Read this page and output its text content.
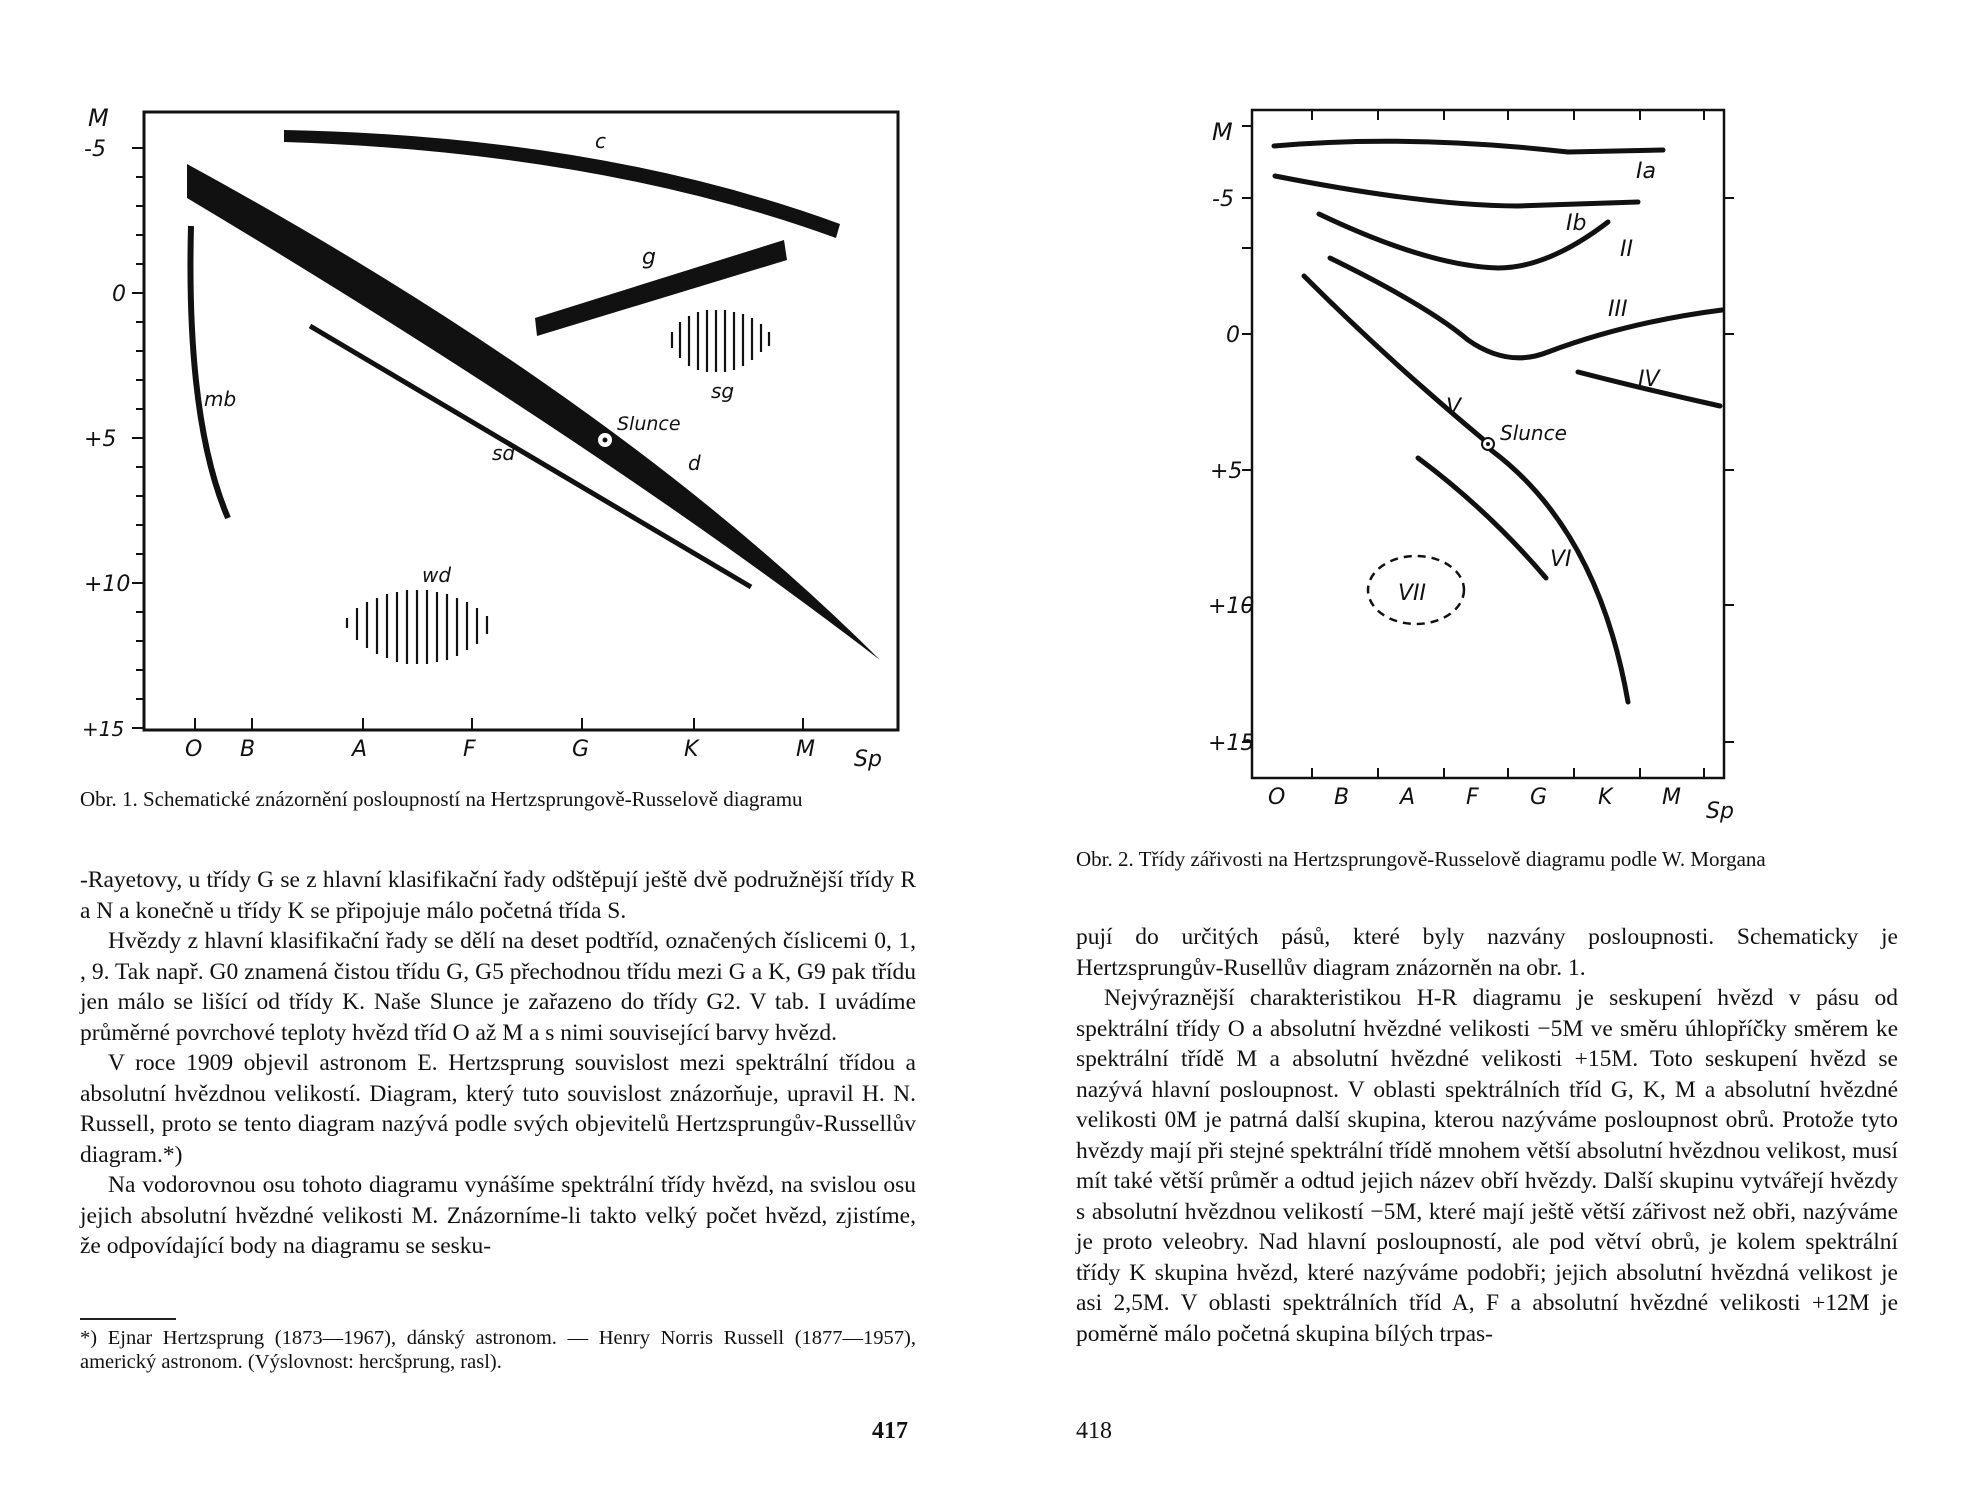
M
-5
0
+5
+10
+15
O B	A	F	G	K	M Sp
c
g
sg
mb
Slunce
sd	d
wd
Obr. 1. Schematické znázornění posloupností na Hertzsprungově-Russelově diagramu

-Rayetovy, u třídy G se z hlavní klasifikační řady odštěpují ještě dvě podružnější třídy R a N a konečně u třídy K se připojuje málo početná třída S.

Hvězdy z hlavní klasifikační řady se dělí na deset podtříd, označených číslicemi 0, 1, , 9. Tak např. G0 znamená čistou třídu G, G5 přechodnou třídu mezi G a K, G9 pak třídu jen málo se lišící od třídy K. Naše Slunce je zařazeno do třídy G2. V tab. I uvádíme průměrné povrchové teploty hvězd tříd O až M a s nimi související barvy hvězd.

V roce 1909 objevil astronom E. Hertzsprung souvislost mezi spektrální třídou a absolutní hvězdnou velikostí. Diagram, který tuto souvislost znázorňuje, upravil H. N. Russell, proto se tento diagram nazývá podle svých objevitelů Hertzsprungův-Russellův diagram.*)

Na vodorovnou osu tohoto diagramu vynášíme spektrální třídy hvězd, na svislou osu jejich absolutní hvězdné velikosti M. Znázorníme-li takto velký počet hvězd, zjistíme, že odpovídající body na diagramu se sesku-

*) Ejnar Hertzsprung (1873—1967), dánský astronom. — Henry Norris Russell (1877—1957), americký astronom. (Výslovnost: hercšprung, rasl).
417
M
-5
0
+5
+10
+15
O B A F G K M
Sp
Ia
Ib
II
III
IV
V
Slunce
VI
VII
Obr. 2. Třídy zářivosti na Hertzsprungově-Russelově diagramu podle W. Morgana

pují do určitých pásů, které byly nazvány posloupnosti. Schematicky je Hertzsprungův-Rusellův diagram znázorněn na obr. 1.

Nejvýraznější charakteristikou H-R diagramu je seskupení hvězd v pásu od spektrální třídy O a absolutní hvězdné velikosti −5M ve směru úhlopříčky směrem ke spektrální třídě M a absolutní hvězdné velikosti +15M. Toto seskupení hvězd se nazývá hlavní posloupnost. V oblasti spektrálních tříd G, K, M a absolutní hvězdné velikosti 0M je patrná další skupina, kterou nazýváme posloupnost obrů. Protože tyto hvězdy mají při stejné spektrální třídě mnohem větší absolutní hvězdnou velikost, musí mít také větší průměr a odtud jejich název obří hvězdy. Další skupinu vytvářejí hvězdy s absolutní hvězdnou velikostí −5M, které mají ještě větší zářivost než obři, nazýváme je proto veleobry. Nad hlavní posloupností, ale pod větví obrů, je kolem spektrální třídy K skupina hvězd, které nazýváme podobři; jejich absolutní hvězdná velikost je asi 2,5M. V oblasti spektrálních tříd A, F a absolutní hvězdné velikosti +12M je poměrně málo početná skupina bílých trpas-

418
